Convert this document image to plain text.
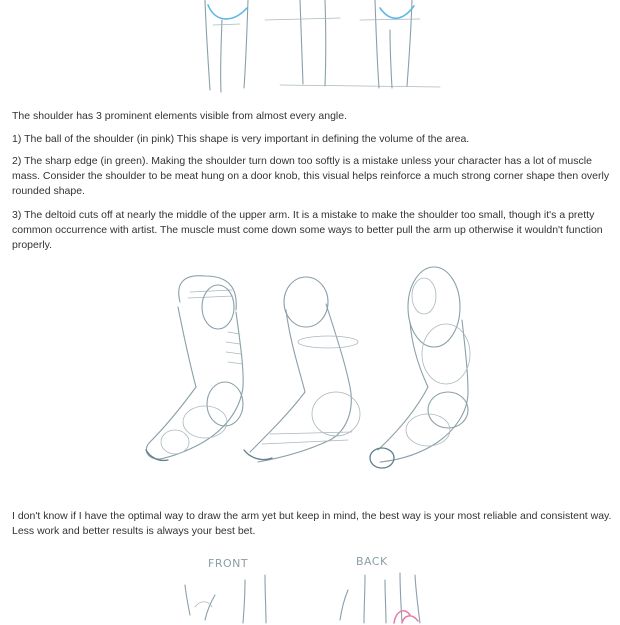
The shoulder has 3 prominent elements visible from almost every angle.

1) The ball of the shoulder (in pink) This shape is very important in defining the volume of the area.

2) The sharp edge (in green). Making the shoulder turn down too softly is a mistake unless your character has a lot of muscle mass. Consider the shoulder to be meat hung on a door knob, this visual helps reinforce a much strong corner shape then overly rounded shape.

3) The deltoid cuts off at nearly the middle of the upper arm. It is a mistake to make the shoulder too small, though it's a pretty common occurrence with artist. The muscle must come down some ways to better pull the arm up otherwise it wouldn't function properly.

I don't know if I have the optimal way to draw the arm yet but keep in mind, the best way is your most reliable and consistent way. Less work and better results is always your best bet.

FRONT	BACK
